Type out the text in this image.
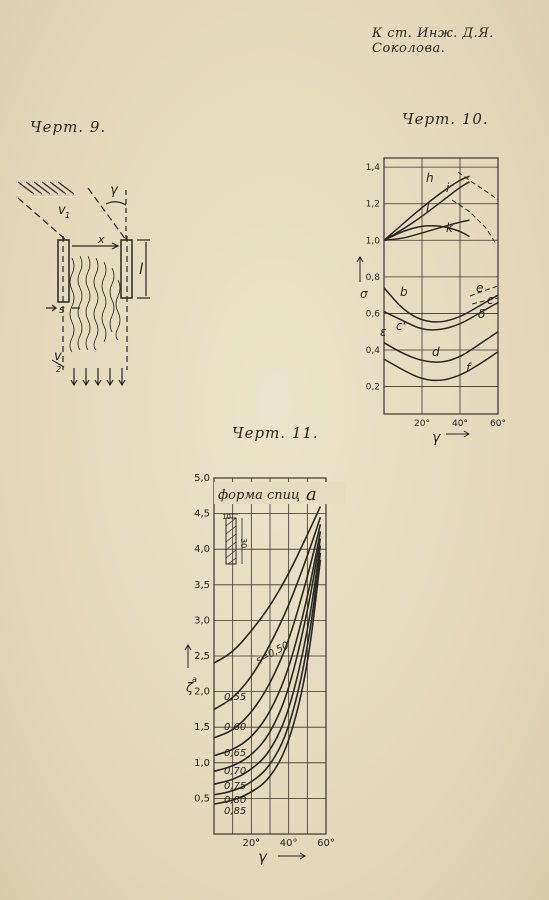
К ст. Инж. Д.Я. Соколова.
Черт. 9.
v 1
γ
x
l
s
v
2
Черт. 10.
0,2
0,4
0,6
0,8
1,0
1,2
1,4
20° 40° 60°
σ
γ
h
i
l
k
e
b
c
c'
ε
δ
d
f
Черт. 11.
0,5
1,0
1,5
2,0
2,5
3,0
3,5
4,0
4,5
5,0
20° 40° 60°
форма спиц a
10
30
s=0,50
0,55
0,60
0,65
0,70
0,75
0,80
0,85
ζ
a
γ
